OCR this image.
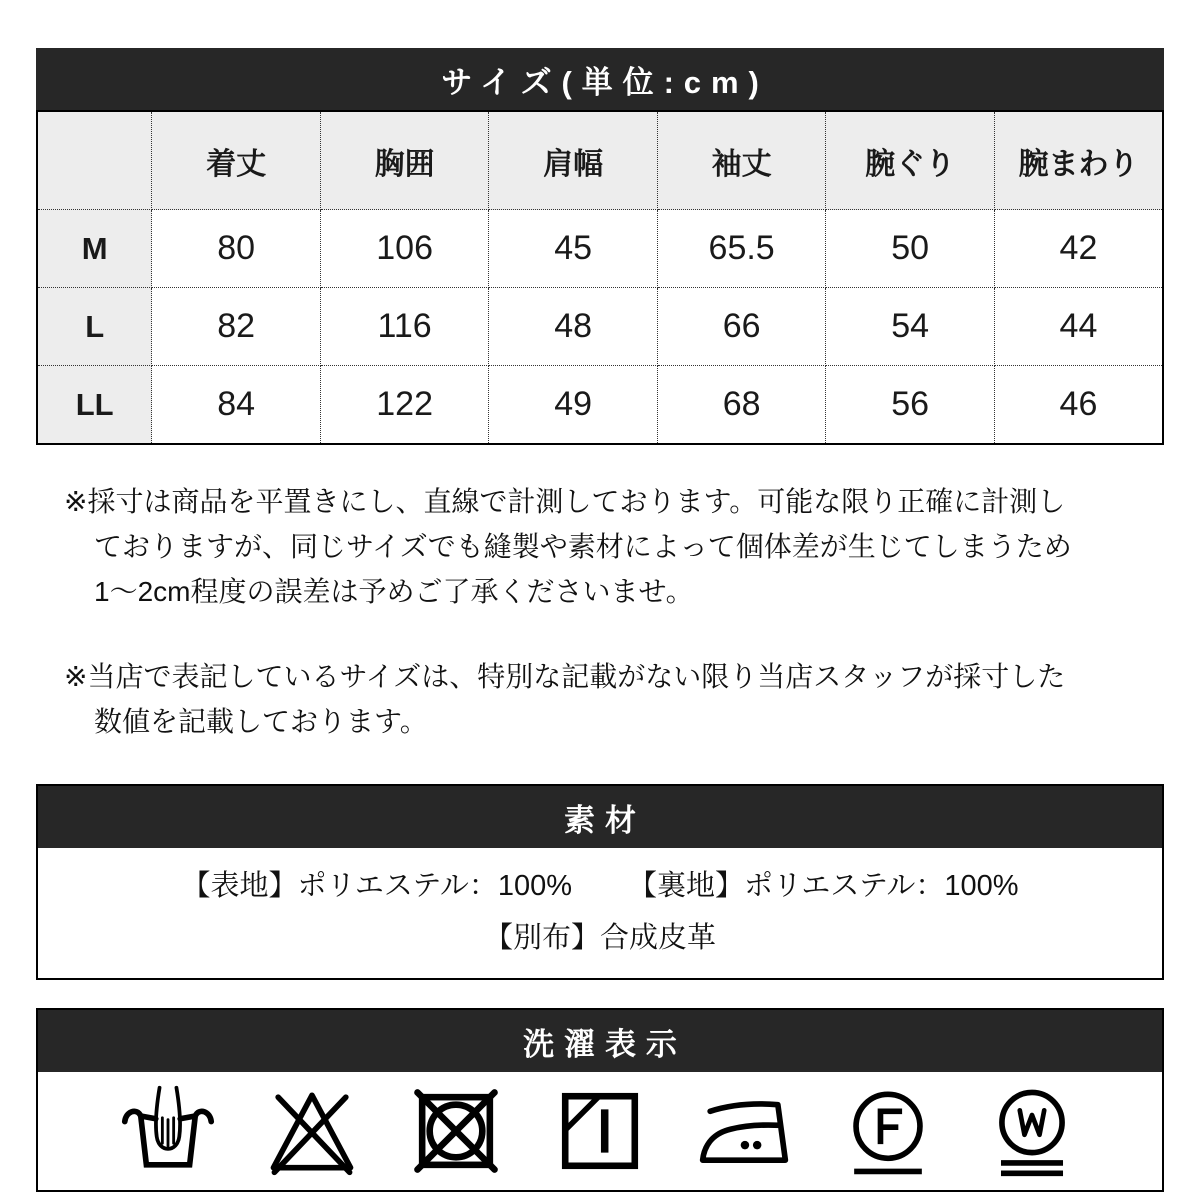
サイズ(単位:cm)
	着丈	胸囲	肩幅	袖丈	腕ぐり	腕まわり
M	80	106	45	65.5	50	42
L	82	116	48	66	54	44
LL	84	122	49	68	56	46
※採寸は商品を平置きにし、直線で計測しております。可能な限り正確に計測し
ておりますが、同じサイズでも縫製や素材によって個体差が生じてしまうため
1〜2cm程度の誤差は予めご了承くださいませ。
※当店で表記しているサイズは、特別な記載がない限り当店スタッフが採寸した
数値を記載しております。
素材
【表地】ポリエステル：100% 【裏地】ポリエステル：100%
【別布】合成皮革
洗濯表示
